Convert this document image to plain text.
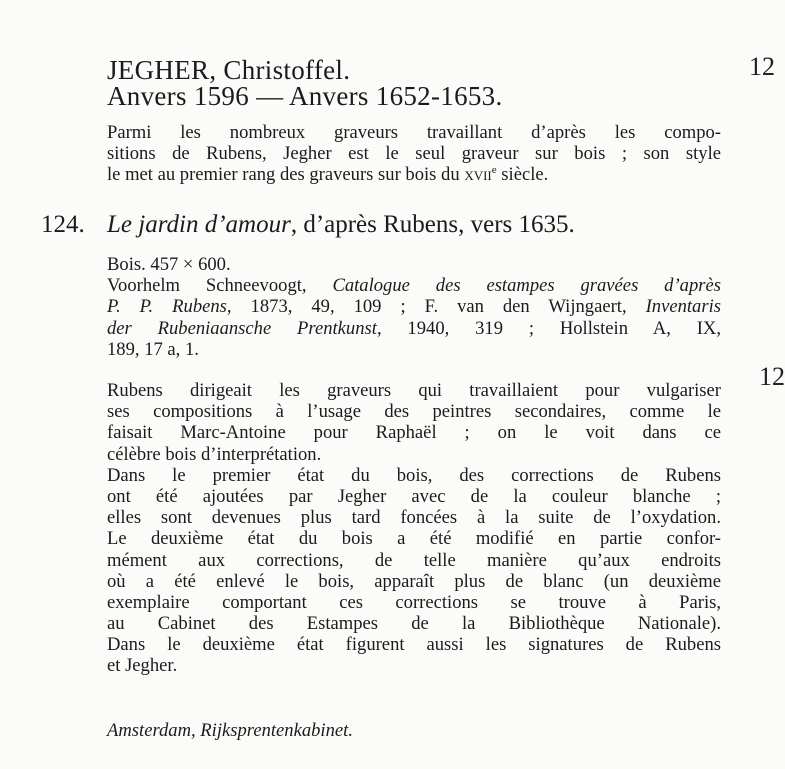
12
12
JEGHER, Christoffel.
Anvers 1596 — Anvers 1652-1653.
Parmi les nombreux graveurs travaillant d’après les compo-
sitions de Rubens, Jegher est le seul graveur sur bois ; son style
le met au premier rang des graveurs sur bois du xvii$^e$ siècle.
124. Le jardin d’amour, d’après Rubens, vers 1635.
Bois. 457 × 600.
Voorhelm Schneevoogt, Catalogue des estampes gravées d’après
P. P. Rubens, 1873, 49, 109 ; F. van den Wijngaert, Inventaris
der Rubeniaansche Prentkunst, 1940, 319 ; Hollstein A, IX,
189, 17 a, 1.
Rubens dirigeait les graveurs qui travaillaient pour vulgariser
ses compositions à l’usage des peintres secondaires, comme le
faisait Marc-Antoine pour Raphaël ; on le voit dans ce
célèbre bois d’interprétation.
Dans le premier état du bois, des corrections de Rubens
ont été ajoutées par Jegher avec de la couleur blanche ;
elles sont devenues plus tard foncées à la suite de l’oxydation.
Le deuxième état du bois a été modifié en partie confor-
mément aux corrections, de telle manière qu’aux endroits
où a été enlevé le bois, apparaît plus de blanc (un deuxième
exemplaire comportant ces corrections se trouve à Paris,
au Cabinet des Estampes de la Bibliothèque Nationale).
Dans le deuxième état figurent aussi les signatures de Rubens
et Jegher.
Amsterdam, Rijksprentenkabinet.
